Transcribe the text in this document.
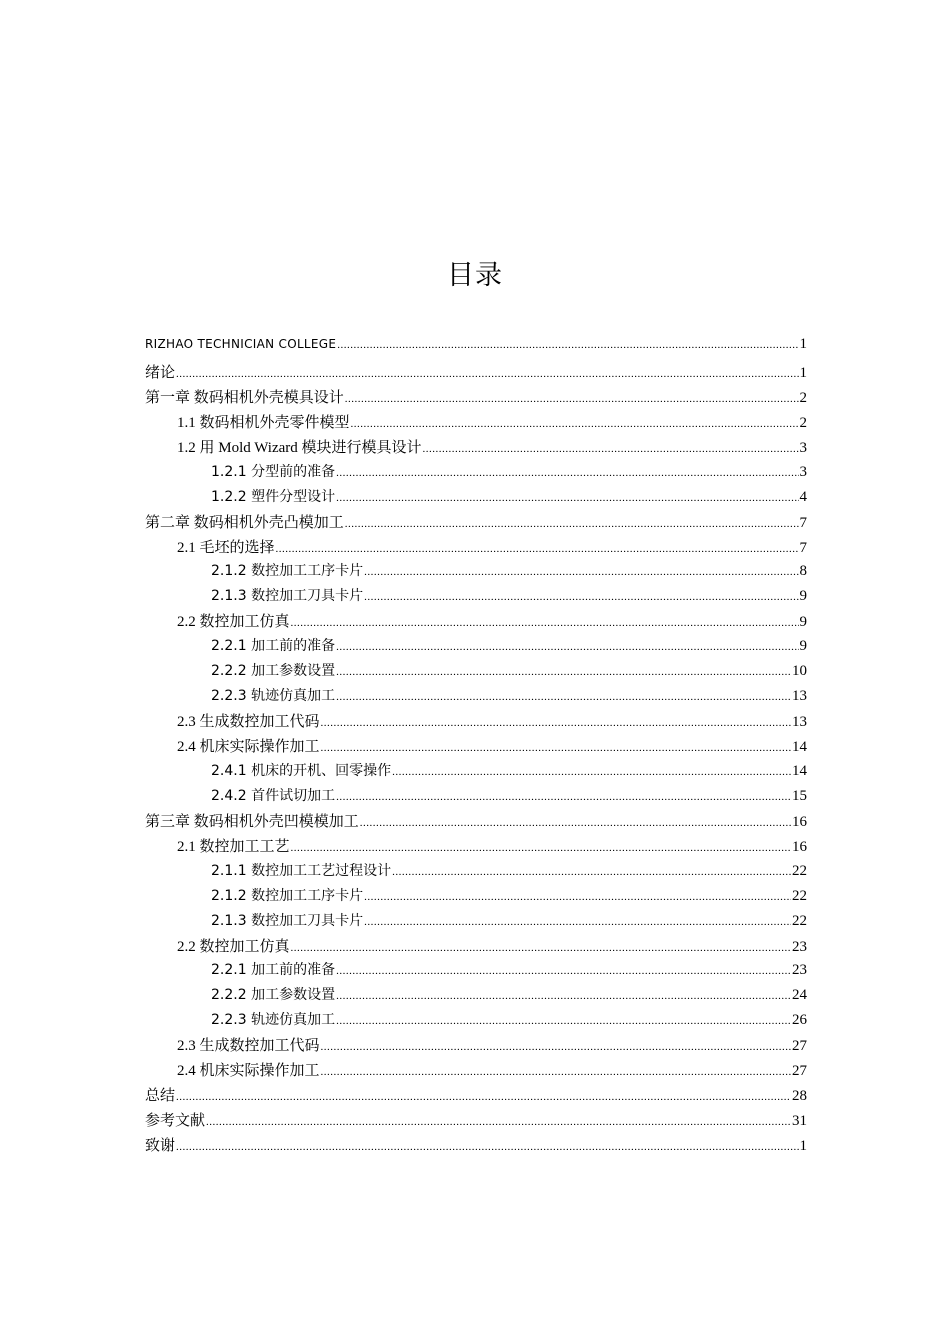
目录
RIZHAO TECHNICIAN COLLEGE .....	1
绪论 .....	1
第一章 数码相机外壳模具设计 .....	2
1.1 数码相机外壳零件模型 .....	2
1.2 用 Mold Wizard 模块进行模具设计 .....	3
1.2.1 分型前的准备 .....	3
1.2.2 塑件分型设计 .....	4
第二章 数码相机外壳凸模加工 .....	7
2.1 毛坯的选择 .....	7
2.1.2 数控加工工序卡片 .....	8
2.1.3 数控加工刀具卡片 .....	9
2.2 数控加工仿真 .....	9
2.2.1 加工前的准备 .....	9
2.2.2 加工参数设置 .....	10
2.2.3 轨迹仿真加工 .....	13
2.3 生成数控加工代码 .....	13
2.4 机床实际操作加工 .....	14
2.4.1 机床的开机、回零操作 .....	14
2.4.2 首件试切加工 .....	15
第三章 数码相机外壳凹模模加工 .....	16
2.1 数控加工工艺 .....	16
2.1.1 数控加工工艺过程设计 .....	22
2.1.2 数控加工工序卡片 .....	22
2.1.3 数控加工刀具卡片 .....	22
2.2 数控加工仿真 .....	23
2.2.1 加工前的准备 .....	23
2.2.2 加工参数设置 .....	24
2.2.3 轨迹仿真加工 .....	26
2.3 生成数控加工代码 .....	27
2.4 机床实际操作加工 .....	27
总结 .....	28
参考文献 .....	31
致谢 .....	1
